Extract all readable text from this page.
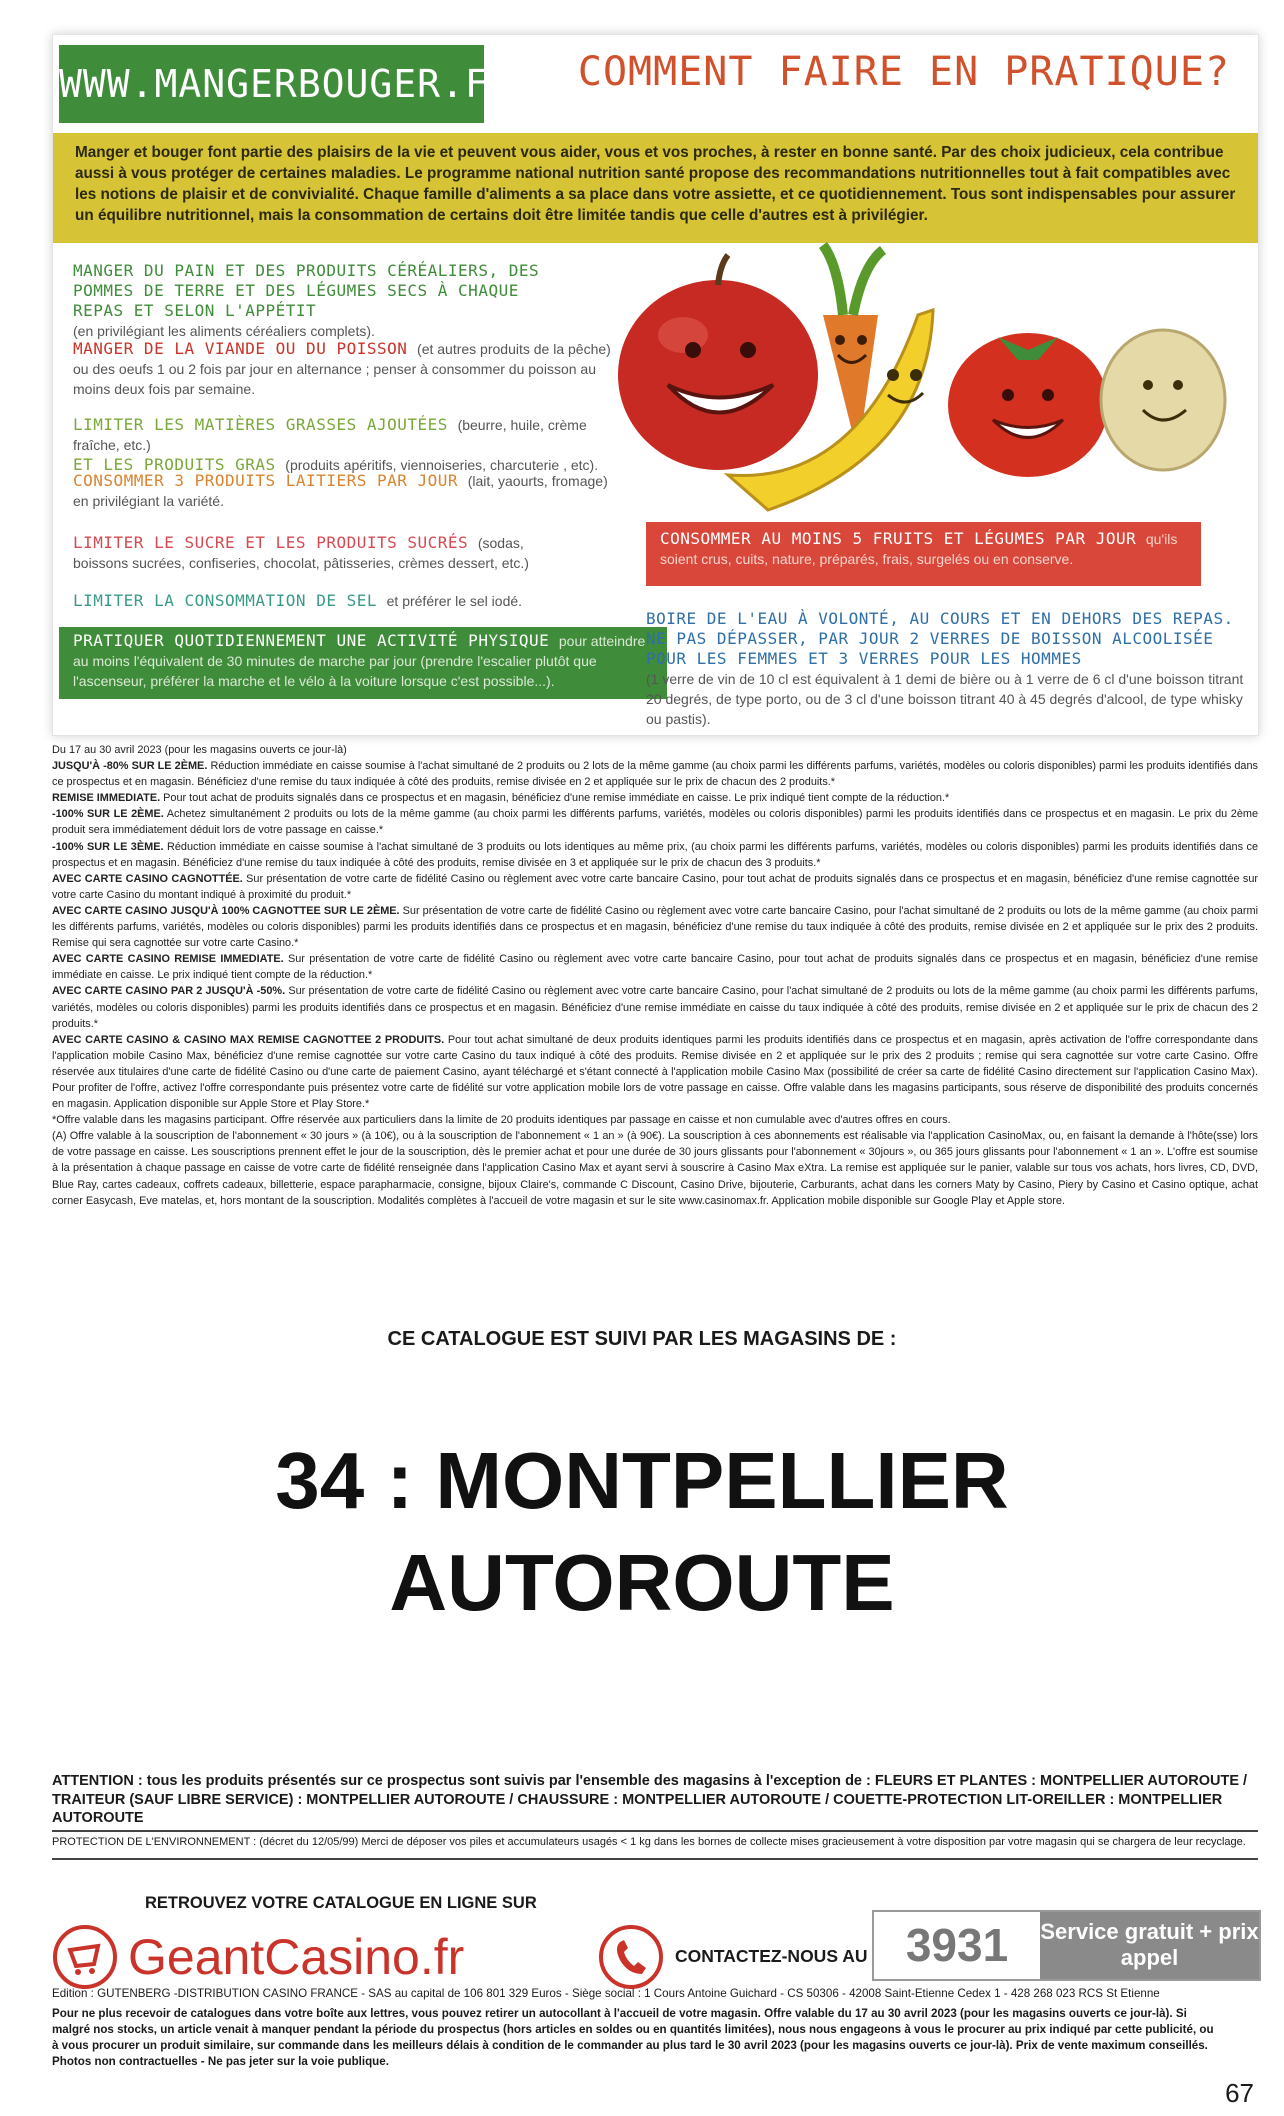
WWW.MANGERBOUGER.FR COMMENT FAIRE EN PRATIQUE?

Manger et bouger font partie des plaisirs de la vie et peuvent vous aider, vous et vos proches, à rester en bonne santé. Par des choix judicieux, cela contribue aussi à vous protéger de certaines maladies. Le programme national nutrition santé propose des recommandations nutritionnelles tout à fait compatibles avec les notions de plaisir et de convivialité. Chaque famille d'aliments a sa place dans votre assiette, et ce quotidiennement. Tous sont indispensables pour assurer un équilibre nutritionnel, mais la consommation de certains doit être limitée tandis que celle d'autres est à privilégier.

MANGER DU PAIN ET DES PRODUITS CÉRÉALIERS, DES POMMES DE TERRE ET DES LÉGUMES SECS À CHAQUE REPAS ET SELON L'APPÉTIT
(en privilégiant les aliments céréaliers complets).
MANGER DE LA VIANDE OU DU POISSON (et autres produits de la pêche) ou des oeufs 1 ou 2 fois par jour en alternance ; penser à consommer du poisson au moins deux fois par semaine.
LIMITER LES MATIÈRES GRASSES AJOUTÉES (beurre, huile, crème fraîche, etc.)
ET LES PRODUITS GRAS (produits apéritifs, viennoiseries, charcuterie , etc).
CONSOMMER 3 PRODUITS LAITIERS PAR JOUR (lait, yaourts, fromage) en privilégiant la variété.
LIMITER LE SUCRE ET LES PRODUITS SUCRÉS (sodas, boissons sucrées, confiseries, chocolat, pâtisseries, crèmes dessert, etc.)
LIMITER LA CONSOMMATION DE SEL et préférer le sel iodé.
PRATIQUER QUOTIDIENNEMENT UNE ACTIVITÉ PHYSIQUE pour atteindre au moins l'équivalent de 30 minutes de marche par jour (prendre l'escalier plutôt que l'ascenseur, préférer la marche et le vélo à la voiture lorsque c'est possible...).
CONSOMMER AU MOINS 5 FRUITS ET LÉGUMES PAR JOUR qu'ils soient crus, cuits, nature, préparés, frais, surgelés ou en conserve.
BOIRE DE L'EAU À VOLONTÉ, AU COURS ET EN DEHORS DES REPAS. NE PAS DÉPASSER, PAR JOUR 2 VERRES DE BOISSON ALCOOLISÉE POUR LES FEMMES ET 3 VERRES POUR LES HOMMES
(1 verre de vin de 10 cl est équivalent à 1 demi de bière ou à 1 verre de 6 cl d'une boisson titrant 20 degrés, de type porto, ou de 3 cl d'une boisson titrant 40 à 45 degrés d'alcool, de type whisky ou pastis).

Du 17 au 30 avril 2023 (pour les magasins ouverts ce jour-là)

JUSQU'À -80% SUR LE 2ÈME. Réduction immédiate en caisse soumise à l'achat simultané de 2 produits ou 2 lots de la même gamme (au choix parmi les différents parfums, variétés, modèles ou coloris disponibles) parmi les produits identifiés dans ce prospectus et en magasin. Bénéficiez d'une remise du taux indiquée à côté des produits, remise divisée en 2 et appliquée sur le prix de chacun des 2 produits.*

REMISE IMMEDIATE. Pour tout achat de produits signalés dans ce prospectus et en magasin, bénéficiez d'une remise immédiate en caisse. Le prix indiqué tient compte de la réduction.*

-100% SUR LE 2ÈME. Achetez simultanément 2 produits ou lots de la même gamme (au choix parmi les différents parfums, variétés, modèles ou coloris disponibles) parmi les produits identifiés dans ce prospectus et en magasin. Le prix du 2ème produit sera immédiatement déduit lors de votre passage en caisse.*

-100% SUR LE 3ÈME. Réduction immédiate en caisse soumise à l'achat simultané de 3 produits ou lots identiques au même prix, (au choix parmi les différents parfums, variétés, modèles ou coloris disponibles) parmi les produits identifiés dans ce prospectus et en magasin. Bénéficiez d'une remise du taux indiquée à côté des produits, remise divisée en 3 et appliquée sur le prix de chacun des 3 produits.*

AVEC CARTE CASINO CAGNOTTÉE. Sur présentation de votre carte de fidélité Casino ou règlement avec votre carte bancaire Casino, pour tout achat de produits signalés dans ce prospectus et en magasin, bénéficiez d'une remise cagnottée sur votre carte Casino du montant indiqué à proximité du produit.*

AVEC CARTE CASINO JUSQU'À 100% CAGNOTTEE SUR LE 2ÈME. Sur présentation de votre carte de fidélité Casino ou règlement avec votre carte bancaire Casino, pour l'achat simultané de 2 produits ou lots de la même gamme (au choix parmi les différents parfums, variétés, modèles ou coloris disponibles) parmi les produits identifiés dans ce prospectus et en magasin, bénéficiez d'une remise du taux indiquée à côté des produits, remise divisée en 2 et appliquée sur le prix des 2 produits. Remise qui sera cagnottée sur votre carte Casino.*

AVEC CARTE CASINO REMISE IMMEDIATE. Sur présentation de votre carte de fidélité Casino ou règlement avec votre carte bancaire Casino, pour tout achat de produits signalés dans ce prospectus et en magasin, bénéficiez d'une remise immédiate en caisse. Le prix indiqué tient compte de la réduction.*

AVEC CARTE CASINO PAR 2 JUSQU'À -50%. Sur présentation de votre carte de fidélité Casino ou règlement avec votre carte bancaire Casino, pour l'achat simultané de 2 produits ou lots de la même gamme (au choix parmi les différents parfums, variétés, modèles ou coloris disponibles) parmi les produits identifiés dans ce prospectus et en magasin. Bénéficiez d'une remise immédiate en caisse du taux indiquée à côté des produits, remise divisée en 2 et appliquée sur le prix de chacun des 2 produits.*

AVEC CARTE CASINO & CASINO MAX REMISE CAGNOTTEE 2 PRODUITS. Pour tout achat simultané de deux produits identiques parmi les produits identifiés dans ce prospectus et en magasin, après activation de l'offre correspondante dans l'application mobile Casino Max, bénéficiez d'une remise cagnottée sur votre carte Casino du taux indiqué à côté des produits. Remise divisée en 2 et appliquée sur le prix des 2 produits ; remise qui sera cagnottée sur votre carte Casino. Offre réservée aux titulaires d'une carte de fidélité Casino ou d'une carte de paiement Casino, ayant téléchargé et s'étant connecté à l'application mobile Casino Max (possibilité de créer sa carte de fidélité Casino directement sur l'application Casino Max). Pour profiter de l'offre, activez l'offre correspondante puis présentez votre carte de fidélité sur votre application mobile lors de votre passage en caisse. Offre valable dans les magasins participants, sous réserve de disponibilité des produits concernés en magasin. Application disponible sur Apple Store et Play Store.*

*Offre valable dans les magasins participant. Offre réservée aux particuliers dans la limite de 20 produits identiques par passage en caisse et non cumulable avec d'autres offres en cours.

(A) Offre valable à la souscription de l'abonnement « 30 jours » (à 10€), ou à la souscription de l'abonnement « 1 an » (à 90€). La souscription à ces abonnements est réalisable via l'application CasinoMax, ou, en faisant la demande à l'hôte(sse) lors de votre passage en caisse. Les souscriptions prennent effet le jour de la souscription, dès le premier achat et pour une durée de 30 jours glissants pour l'abonnement « 30jours », ou 365 jours glissants pour l'abonnement « 1 an ». L'offre est soumise à la présentation à chaque passage en caisse de votre carte de fidélité renseignée dans l'application Casino Max et ayant servi à souscrire à Casino Max eXtra. La remise est appliquée sur le panier, valable sur tous vos achats, hors livres, CD, DVD, Blue Ray, cartes cadeaux, coffrets cadeaux, billetterie, espace parapharmacie, consigne, bijoux Claire's, commande C Discount, Casino Drive, bijouterie, Carburants, achat dans les corners Maty by Casino, Piery by Casino et Casino optique, achat corner Easycash, Eve matelas, et, hors montant de la souscription. Modalités complètes à l'accueil de votre magasin et sur le site www.casinomax.fr. Application mobile disponible sur Google Play et Apple store.

CE CATALOGUE EST SUIVI PAR LES MAGASINS DE :
34 : MONTPELLIER
AUTOROUTE
ATTENTION : tous les produits présentés sur ce prospectus sont suivis par l'ensemble des magasins à l'exception de : FLEURS ET PLANTES : MONTPELLIER AUTOROUTE / TRAITEUR (SAUF LIBRE SERVICE) : MONTPELLIER AUTOROUTE / CHAUSSURE : MONTPELLIER AUTOROUTE / COUETTE-PROTECTION LIT-OREILLER : MONTPELLIER AUTOROUTE
PROTECTION DE L'ENVIRONNEMENT : (décret du 12/05/99) Merci de déposer vos piles et accumulateurs usagés < 1 kg dans les bornes de collecte mises gracieusement à votre disposition par votre magasin qui se chargera de leur recyclage.
RETROUVEZ VOTRE CATALOGUE EN LIGNE SUR
GeantCasino.fr	CONTACTEZ-NOUS AU 3931	Service gratuit + prix appel
Edition : GUTENBERG -DISTRIBUTION CASINO FRANCE - SAS au capital de 106 801 329 Euros - Siège social : 1 Cours Antoine Guichard - CS 50306 - 42008 Saint-Etienne Cedex 1 - 428 268 023 RCS St Etienne
Pour ne plus recevoir de catalogues dans votre boîte aux lettres, vous pouvez retirer un autocollant à l'accueil de votre magasin. Offre valable du 17 au 30 avril 2023 (pour les magasins ouverts ce jour-là). Si malgré nos stocks, un article venait à manquer pendant la période du prospectus (hors articles en soldes ou en quantités limitées), nous nous engageons à vous le procurer au prix indiqué par cette publicité, ou à vous procurer un produit similaire, sur commande dans les meilleurs délais à condition de le commander au plus tard le 30 avril 2023 (pour les magasins ouverts ce jour-là). Prix de vente maximum conseillés. Photos non contractuelles - Ne pas jeter sur la voie publique.
67
